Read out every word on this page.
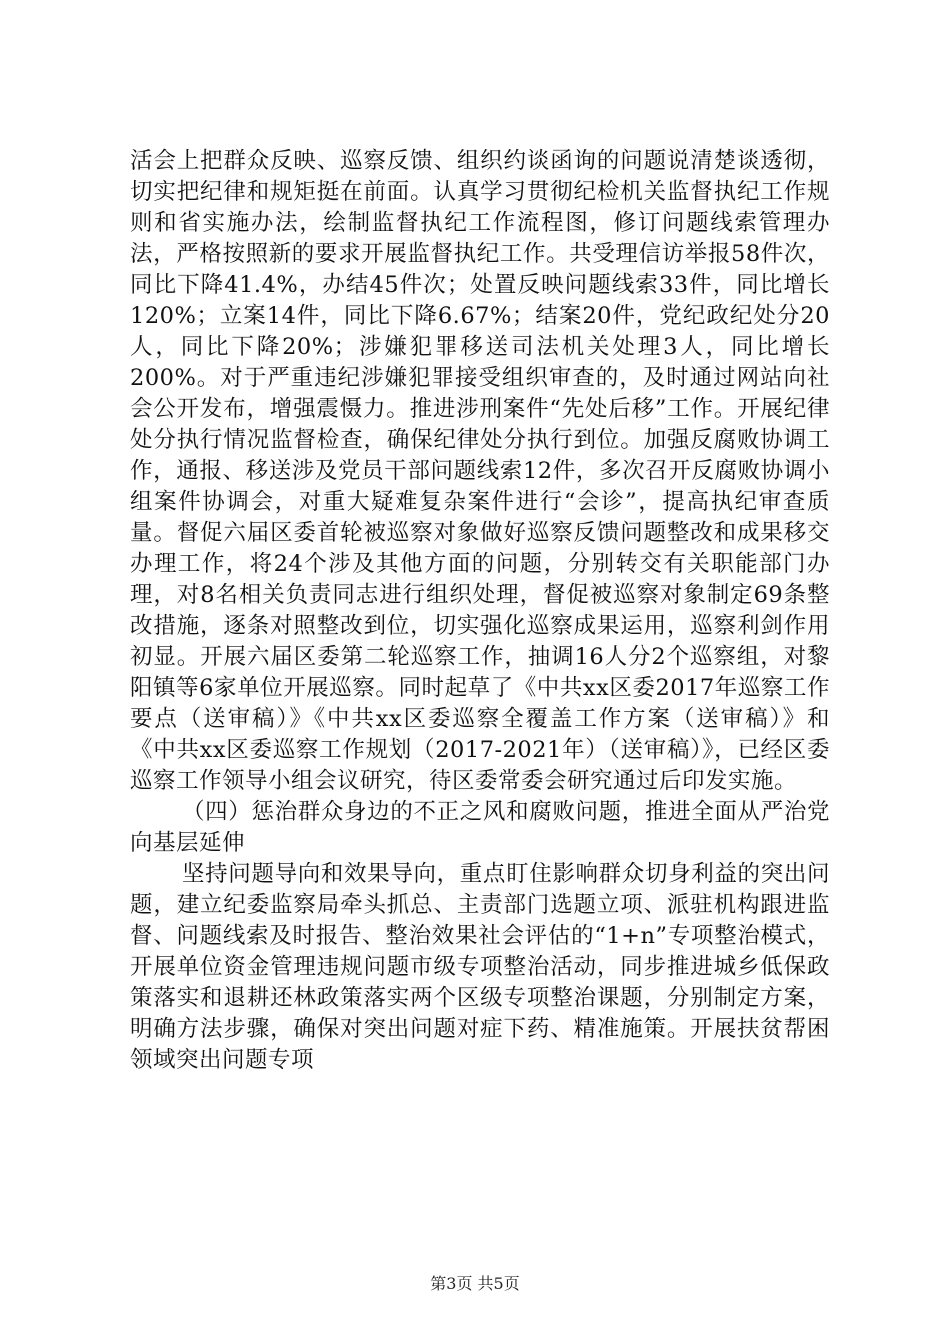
活会上把群众反映、巡察反馈、组织约谈函询的问题说清楚谈透彻，切实把纪律和规矩挺在前面。认真学习贯彻纪检机关监督执纪工作规则和省实施办法，绘制监督执纪工作流程图，修订问题线索管理办法，严格按照新的要求开展监督执纪工作。共受理信访举报58件次，同比下降41.4%，办结45件次；处置反映问题线索33件，同比增长120%；立案14件，同比下降6.67%；结案20件，党纪政纪处分20人，同比下降20%；涉嫌犯罪移送司法机关处理3人，同比增长200%。对于严重违纪涉嫌犯罪接受组织审查的，及时通过网站向社会公开发布，增强震慑力。推进涉刑案件“先处后移”工作。开展纪律处分执行情况监督检查，确保纪律处分执行到位。加强反腐败协调工作，通报、移送涉及党员干部问题线索12件，多次召开反腐败协调小组案件协调会，对重大疑难复杂案件进行“会诊”，提高执纪审查质量。督促六届区委首轮被巡察对象做好巡察反馈问题整改和成果移交办理工作，将24个涉及其他方面的问题，分别转交有关职能部门办理，对8名相关负责同志进行组织处理，督促被巡察对象制定69条整改措施，逐条对照整改到位，切实强化巡察成果运用，巡察利剑作用初显。开展六届区委第二轮巡察工作，抽调16人分2个巡察组，对黎阳镇等6家单位开展巡察。同时起草了《中共xx区委2017年巡察工作要点（送审稿）》《中共xx区委巡察全覆盖工作方案（送审稿）》和《中共xx区委巡察工作规划（2017-2021年）（送审稿）》，已经区委巡察工作领导小组会议研究，待区委常委会研究通过后印发实施。

（四）惩治群众身边的不正之风和腐败问题，推进全面从严治党向基层延伸

坚持问题导向和效果导向，重点盯住影响群众切身利益的突出问题，建立纪委监察局牵头抓总、主责部门选题立项、派驻机构跟进监督、问题线索及时报告、整治效果社会评估的“1+n”专项整治模式，开展单位资金管理违规问题市级专项整治活动，同步推进城乡低保政策落实和退耕还林政策落实两个区级专项整治课题，分别制定方案，明确方法步骤，确保对突出问题对症下药、精准施策。开展扶贫帮困领域突出问题专项

第3页 共5页
